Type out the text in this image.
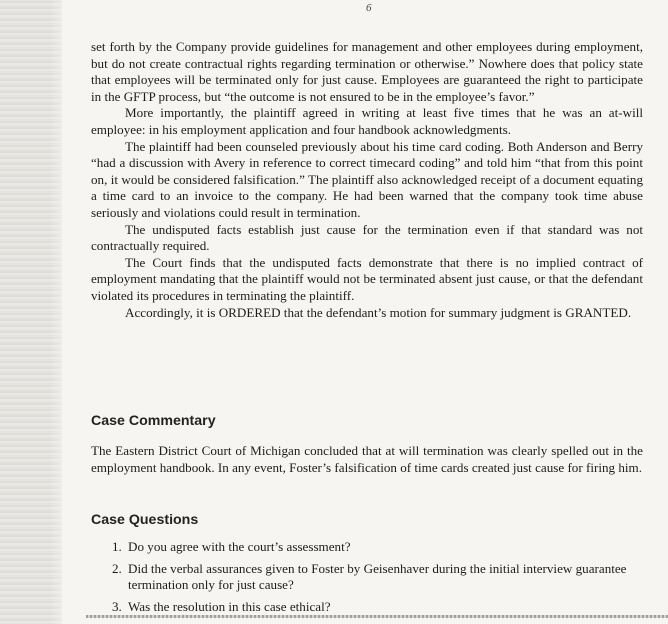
6

set forth by the Company provide guidelines for management and other employees during employment, but do not create contractual rights regarding termination or otherwise.” Nowhere does that policy state that employees will be terminated only for just cause. Employees are guaranteed the right to participate in the GFTP process, but “the outcome is not ensured to be in the employee’s favor.”

More importantly, the plaintiff agreed in writing at least five times that he was an at-will employee: in his employment application and four handbook acknowledgments.

The plaintiff had been counseled previously about his time card coding. Both Anderson and Berry “had a discussion with Avery in reference to correct timecard coding” and told him “that from this point on, it would be considered falsification.” The plaintiff also acknowledged receipt of a document equating a time card to an invoice to the company. He had been warned that the company took time abuse seriously and violations could result in termination.

The undisputed facts establish just cause for the termination even if that standard was not contractually required.

The Court finds that the undisputed facts demonstrate that there is no implied contract of employment mandating that the plaintiff would not be terminated absent just cause, or that the defendant violated its procedures in terminating the plaintiff.

Accordingly, it is ORDERED that the defendant’s motion for summary judgment is GRANTED.

Case Commentary

The Eastern District Court of Michigan concluded that at will termination was clearly spelled out in the employment handbook. In any event, Foster’s falsification of time cards created just cause for firing him.

Case Questions
1. Do you agree with the court’s assessment?
2. Did the verbal assurances given to Foster by Geisenhaver during the initial interview guarantee termination only for just cause?
3. Was the resolution in this case ethical?
